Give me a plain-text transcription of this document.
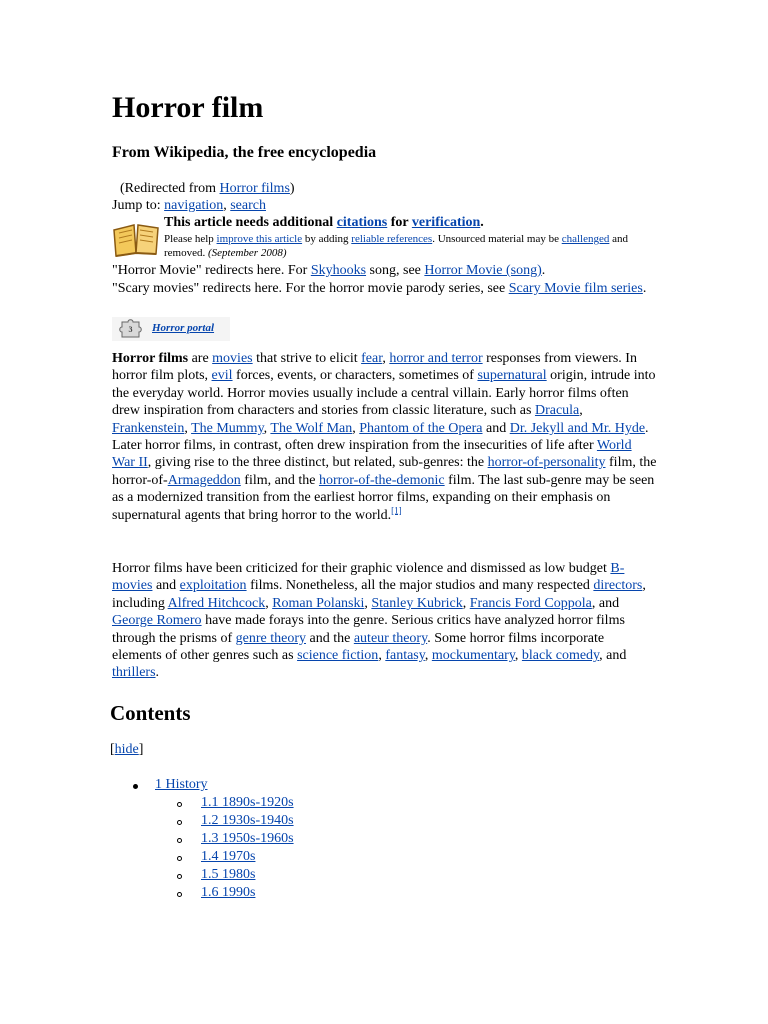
Horror film
From Wikipedia, the free encyclopedia
(Redirected from Horror films)
Jump to: navigation, search
This article needs additional citations for verification.
Please help improve this article by adding reliable references. Unsourced material may be challenged and removed. (September 2008)
"Horror Movie" redirects here. For Skyhooks song, see Horror Movie (song).
"Scary movies" redirects here. For the horror movie parody series, see Scary Movie film series.
3 Horror portal

Horror films are movies that strive to elicit fear, horror and terror responses from viewers. In horror film plots, evil forces, events, or characters, sometimes of supernatural origin, intrude into the everyday world. Horror movies usually include a central villain. Early horror films often drew inspiration from characters and stories from classic literature, such as Dracula, Frankenstein, The Mummy, The Wolf Man, Phantom of the Opera and Dr. Jekyll and Mr. Hyde. Later horror films, in contrast, often drew inspiration from the insecurities of life after World War II, giving rise to the three distinct, but related, sub-genres: the horror-of-personality film, the horror-of-Armageddon film, and the horror-of-the-demonic film. The last sub-genre may be seen as a modernized transition from the earliest horror films, expanding on their emphasis on supernatural agents that bring horror to the world.[1]

Horror films have been criticized for their graphic violence and dismissed as low budget B-movies and exploitation films. Nonetheless, all the major studios and many respected directors, including Alfred Hitchcock, Roman Polanski, Stanley Kubrick, Francis Ford Coppola, and George Romero have made forays into the genre. Serious critics have analyzed horror films through the prisms of genre theory and the auteur theory. Some horror films incorporate elements of other genres such as science fiction, fantasy, mockumentary, black comedy, and thrillers.

Contents
[hide]
1 History
1.1 1890s-1920s
1.2 1930s-1940s
1.3 1950s-1960s
1.4 1970s
1.5 1980s
1.6 1990s
